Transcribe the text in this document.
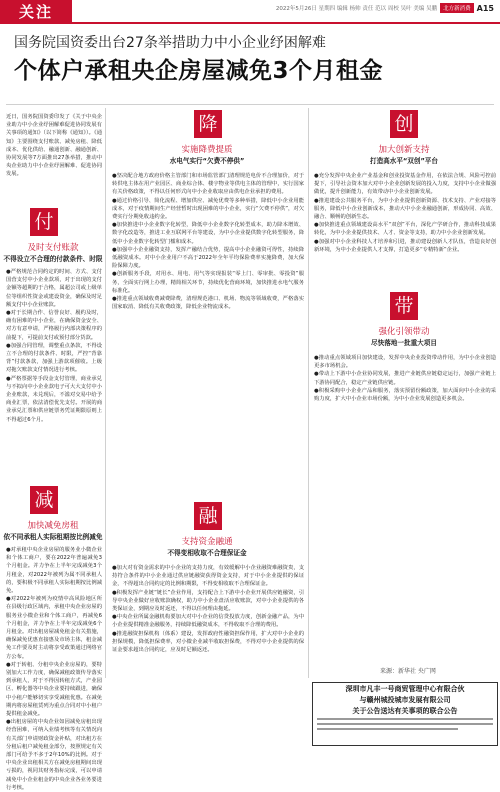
关注	2022年5月26日 星期四 编辑 杨帅 责任 范以 周校 吴叶 美编 吴鹏	北方新消费 A15
国务院国资委出台27条举措助力中小企业纾困解难
个体户承租央企房屋减免3个月租金
近日，国务院国资委印发了《关于中央企业助力中小企业纾困解难促进协同发展有关事项的通知》（以下简称《通知》）。《通知》主要围绕支付账款、减免房租、降低成本、优化供给、融通创新、融通创新、协同发展等7方面推出27条举措，推动中央企业助力中小企业纾困解难、促进协同发展。
付
及时支付账款
不得设立不合理的付款条件、时限

●严格规范合同约定的时间、方式、支付国营支付中小企业款项，对于出现的支付金额等超期的于合格，属超公司或上级单位等组织性资金或建设资金，确保及时足额支付中小企业账款。

●对于长期合作、信誉良好、履约及时，确有困难的中小企业，在确保资金安全、对方有意申请，严格履行内部决策程序的前提下，可提前支付或预付部分货款。

●加强合同管理，调整重点条款，不得设立不合理的付款条件、时限，严控“背靠背”付款条款，加强上游款项催收。上级对拖欠账款支付情况进行考核。

●严格票据等手段金支付管理，商业承兑与不拟向中小企业款电子可大大支付中小企业账款，未兑现后，不滥对交易中给予商业汇票，依法清偿优先支付。开展的商业承兑汇票和供应链票务凭证期限原则上不得超过6个月。

减
加快减免房租
依不同承租人实际租期按比例减免

●对承租中央企业房屋的服务业小微企业和个体工商户，要在2022年普遍减免3个月租金。并力争在上半年完成减免3个月租金，对2022年被列为属不同承租人的，要积极不同承租人实际租期按比例减免。

●对2022年被列为疫情中高风险地区所在县级行政区域内，承租中央企业房屋的服务业小微企业和个体工商户，再减免6个月租金，并力争在上半年完成减免6个月租金。对出租房屋减免租金有关措施，确保减免优惠直接惠及市场主体，租金减免工作要及时主动将享受政策通过网络官方公布。

●对于转租、分租中央企业房屋的，要特别加大工作力度，确保减租政策传导落实到承租人，对于不得因转租方式，产业园区、孵化器等中央企业要持续跟进，确保中小租户能够切实享受减租优惠。在减免期内将房屋租赁列为重点合同对中小租户提供租金减免。

●出租房屋的中央企业如因减免房租出现经营困难，可纳入业绩考核等有关情况向有关部门申请财政资金补贴，对出租方在分租后租户减免租金部分，按照规定有关部门可给予不多于2年10%的比例。对于中央企业出租相关方在减免房租期间出现亏损的，视同其财务指标完成，可以申请减免中小企业租金的中央企业各业务要进行考核。

降
实施降费提质
水电气实行“欠费不停供”

●坚决配合地方政府价格主管部门和市场监管部门清理规范电价不合理加价，对于转供电主体在用产业园区、商业综合体、楼宇物业等供电主体的管理中，实行国家有关价格政策，不得以任何形式向中小企业收取应由供电企业承担的费用。

●通过价格引导、简化流程、增加供应、减免优费等多种举措，降低中小企业用能成本，对于疫情期间生产经营暂时出现困难的中小企业，实行“欠费不停供”，对欠费实行分期免收违约金。

●加快推进中小企业数字化转型，降低中小企业数字化转型成本，助力降本增效、数字化改造等，推进工业互联网平台等建设，为中小企业提供数字化转型服务，降低中小企业数字化转型门槛和成本。

●加强中小企业融资支持，发挥产融结合优势，提高中小企业融资可得性，持续降低融资成本。对中小企业用户不高于2022年全年平均保险费率实施降费，加大保险保障力度。

●创新服务手段，对用水、用电、用气等实现报装“零上门、零审批、零投资”服务，全面实行网上办理，精简相关环节，持续优化营商环境，加快推进水电气服务标准化。

●推进重点领域收费减费降费，清理规范港口、机场、物流等领域收费，严格落实国家取消、降低有关收费政策，降低企业物流成本。

融
支持资金融通
不得变相收取不合理保证金

●加大对有资金需求的中小企业的支持力度，有效缓解中小企业融资难融资贵，支持符合条件的中小企业通过供应链融资获得资金支持，对于中小企业提供的保证金，不得超出合同约定的比例和期限，不得变相收取不合理保证金。

●积极发挥产业链“链长”企业作用，支持配合上下游中小企业开展供应链融资，引导中央企业做好应收账款确权，助力中小企业盘活应收账款，对中小企业提供的各类保证金，到期应及时返还，不得以任何理由拖延。

●中央企业所属金融机构要加大对中小企业的信贷投放力度，创新金融产品，为中小企业提供精准金融服务，持续降低融资成本，不得收取不合理的费用。

●推进融资担保机构（体系）建设，发挥政府性融资担保作用，扩大对中小企业的担保规模，降低担保费率，对小微企业减半收取担保费，不得对中小企业提供的保证金要求超出合同约定，应及时足额返还。

创
加大创新支持
打造高水平“双创”平台

●充分发挥中央企业产业基金和创业投资基金作用，在依法合规、风险可控前提下，引导社会资本加大对中小企业创新发展的投入力度，支持中小企业做强做优，提升创新能力，有效带动中小企业创新发展。

●推进建设公共服务平台，为中小企业提供创新资源、技术支持、产业对接等服务，降低中小企业创新成本，推动大中小企业融通创新，形成协同、高效、融合、顺畅的创新生态。

●加快推进重点领域建设高水平“双创”平台，深化产学研合作，推动科技成果转化，为中小企业提供技术、人才、资金等支持，助力中小企业创新发展。

●加强对中小企业科技人才培养和引进，推动建设创新人才队伍，营造良好创新环境，为中小企业提供人才支撑，打造更多“专精特新”企业。

带
强化引领带动
尽快落地一批重大项目

●推动重点领域项目加快建设，发挥中央企业投资带动作用，为中小企业创造更多市场机会。

●带动上下游中小企业协同发展，推进产业链供应链稳定运行，加强产业链上下游协同配合，稳定产业链供应链。

●积极采购中小企业产品和服务，落实预留份额政策，加大面向中小企业的采购力度，扩大中小企业市场份额，为中小企业发展创造更多机会。

来源：新华社 央广网
深圳市凡丰一号商贸管理中心有限合伙
与赣州城投城市发展有限公司
关于公告送达有关事项的联合公告
